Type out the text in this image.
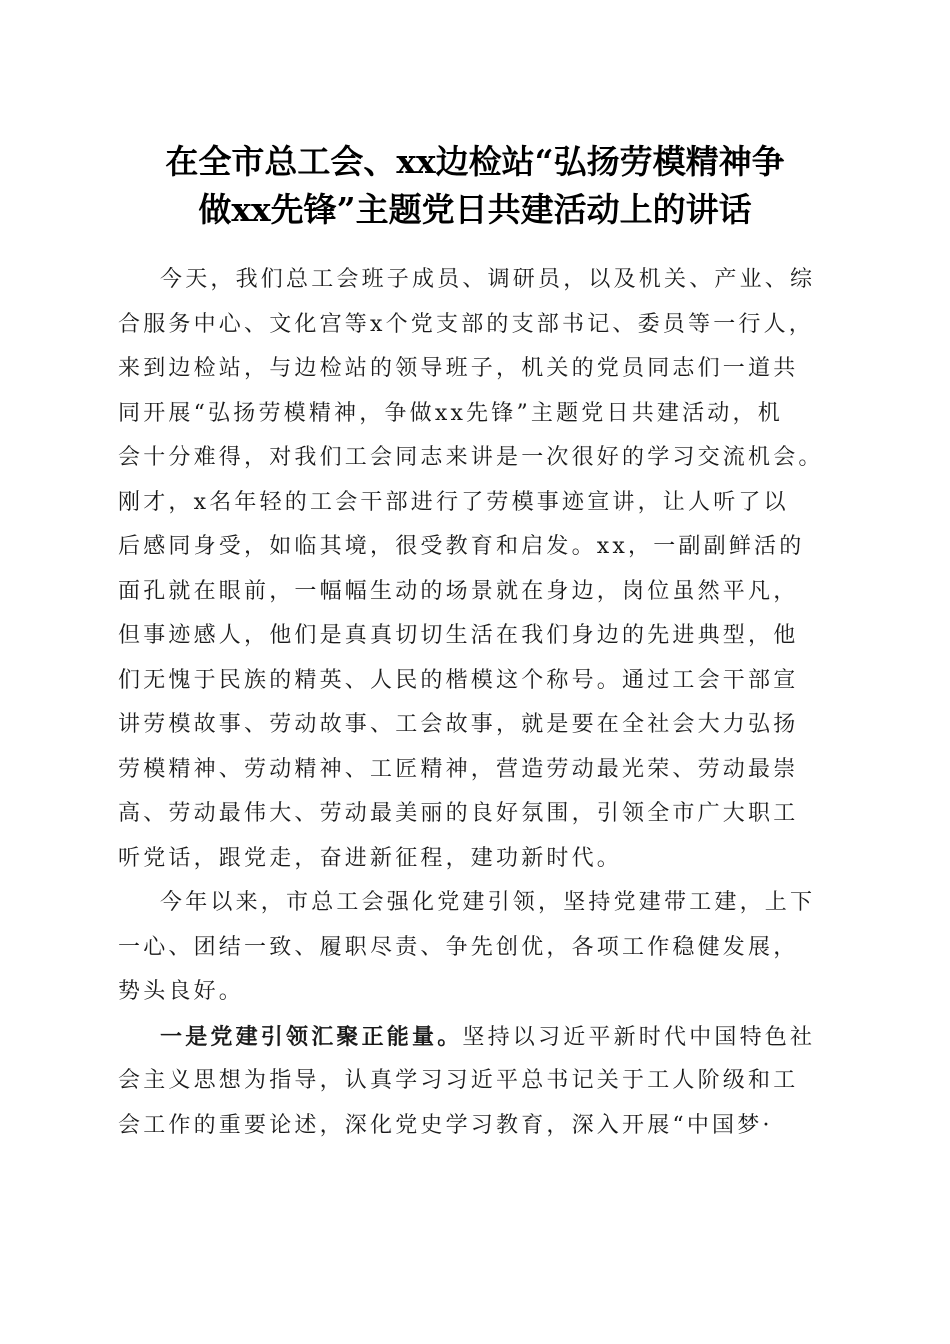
在全市总工会、xx边检站“弘扬劳模精神争
做xx先锋”主题党日共建活动上的讲话
今天，我们总工会班子成员、调研员，以及机关、产业、综
合服务中心、文化宫等x个党支部的支部书记、委员等一行人，
来到边检站，与边检站的领导班子，机关的党员同志们一道共
同开展“弘扬劳模精神，争做xx先锋”主题党日共建活动，机
会十分难得，对我们工会同志来讲是一次很好的学习交流机会。
刚才，x名年轻的工会干部进行了劳模事迹宣讲，让人听了以
后感同身受，如临其境，很受教育和启发。xx，一副副鲜活的
面孔就在眼前，一幅幅生动的场景就在身边，岗位虽然平凡，
但事迹感人，他们是真真切切生活在我们身边的先进典型，他
们无愧于民族的精英、人民的楷模这个称号。通过工会干部宣
讲劳模故事、劳动故事、工会故事，就是要在全社会大力弘扬
劳模精神、劳动精神、工匠精神，营造劳动最光荣、劳动最崇
高、劳动最伟大、劳动最美丽的良好氛围，引领全市广大职工
听党话，跟党走，奋进新征程，建功新时代。
今年以来，市总工会强化党建引领，坚持党建带工建，上下
一心、团结一致、履职尽责、争先创优，各项工作稳健发展，
势头良好。
一是党建引领汇聚正能量。坚持以习近平新时代中国特色社
会主义思想为指导，认真学习习近平总书记关于工人阶级和工
会工作的重要论述，深化党史学习教育，深入开展“中国梦·
